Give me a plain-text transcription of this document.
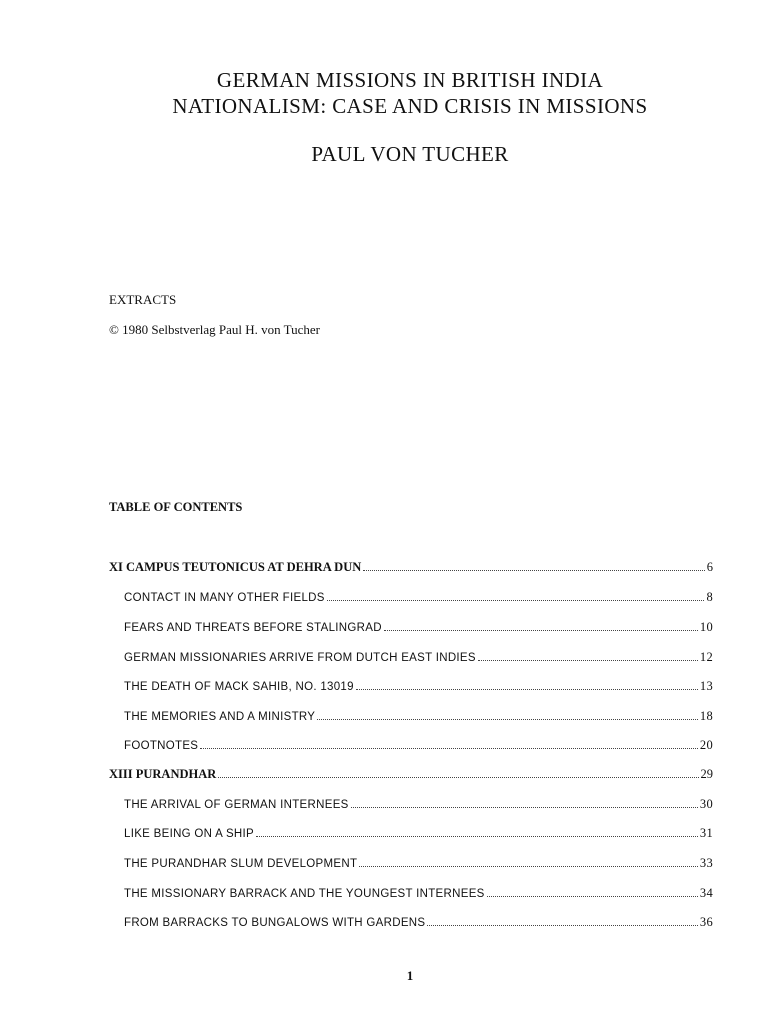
GERMAN MISSIONS IN BRITISH INDIA
NATIONALISM: CASE AND CRISIS IN MISSIONS
PAUL VON TUCHER
EXTRACTS
© 1980 Selbstverlag Paul H. von Tucher
TABLE OF CONTENTS
XI CAMPUS TEUTONICUS AT DEHRA DUN	6
CONTACT IN MANY OTHER FIELDS	8
FEARS AND THREATS BEFORE STALINGRAD	10
GERMAN MISSIONARIES ARRIVE FROM DUTCH EAST INDIES	12
THE DEATH OF MACK SAHIB, NO. 13019	13
THE MEMORIES AND A MINISTRY	18
FOOTNOTES	20
XIII PURANDHAR	29
THE ARRIVAL OF GERMAN INTERNEES	30
LIKE BEING ON A SHIP	31
THE PURANDHAR SLUM DEVELOPMENT	33
THE MISSIONARY BARRACK AND THE YOUNGEST INTERNEES	34
FROM BARRACKS TO BUNGALOWS WITH GARDENS	36
1
